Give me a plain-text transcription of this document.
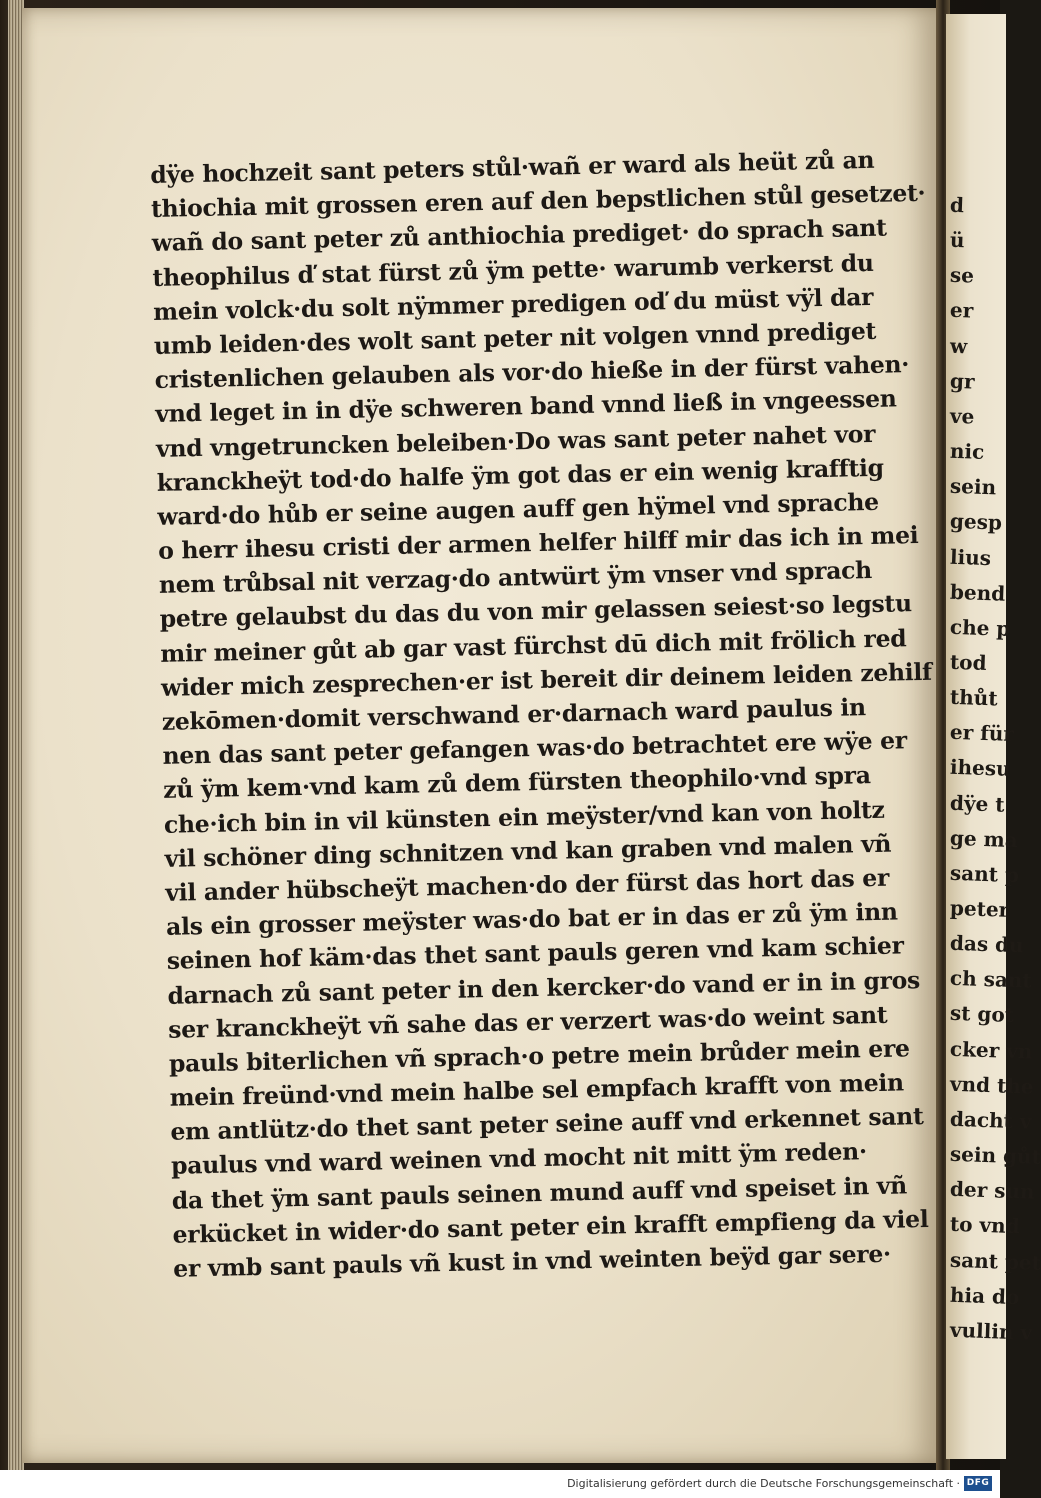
d
ü
se
er
w
gr
ve
nic
sein
gesp
lius
bend
che p
tod
thůt
er für
ihesu
dÿe t
ge ma
sant p
peter
das du
ch sant
st got
cker vn
vnd the
dacht v
sein gůt
der sun
to vnd
sant pet
hia do
vullin v
dÿe hochzeit sant peters stůl·wañ er ward als heüt zů an
thiochia mit grossen eren auf den bepstlichen stůl gesetzet·
wañ do sant peter zů anthiochia prediget· do sprach sant
theophilus ď stat fürst zů ÿm pette· warumb verkerst du
mein volck·du solt nÿmmer predigen oď du müst vÿl dar
umb leiden·des wolt sant peter nit volgen vnnd prediget
cristenlichen gelauben als vor·do hieße in der fürst vahen·
vnd leget in in dÿe schweren band vnnd ließ in vngeessen
vnd vngetruncken beleiben·Do was sant peter nahet vor
kranckheÿt tod·do halfe ÿm got das er ein wenig krafftig
ward·do hůb er seine augen auff gen hÿmel vnd sprache
o herr ihesu cristi der armen helfer hilff mir das ich in mei
nem trůbsal nit verzag·do antwürt ÿm vnser vnd sprach
petre gelaubst du das du von mir gelassen seiest·so legstu
mir meiner gůt ab gar vast fürchst dū dich mit frölich red
wider mich zesprechen·er ist bereit dir deinem leiden zehilf
zekōmen·domit verschwand er·darnach ward paulus in
nen das sant peter gefangen was·do betrachtet ere wÿe er
zů ÿm kem·vnd kam zů dem fürsten theophilo·vnd spra
che·ich bin in vil künsten ein meÿster/vnd kan von holtz
vil schöner ding schnitzen vnd kan graben vnd malen vñ
vil ander hübscheÿt machen·do der fürst das hort das er
als ein grosser meÿster was·do bat er in das er zů ÿm inn
seinen hof käm·das thet sant pauls geren vnd kam schier
darnach zů sant peter in den kercker·do vand er in in gros
ser kranckheÿt vñ sahe das er verzert was·do weint sant
pauls biterlichen vñ sprach·o petre mein brůder mein ere
mein freünd·vnd mein halbe sel empfach krafft von mein
em antlütz·do thet sant peter seine auff vnd erkennet sant
paulus vnd ward weinen vnd mocht nit mitt ÿm reden·
da thet ÿm sant pauls seinen mund auff vnd speiset in vñ
erkücket in wider·do sant peter ein krafft empfieng da viel
er vmb sant pauls vñ kust in vnd weinten beÿd gar sere·
Digitalisierung gefördert durch die Deutsche Forschungsgemeinschaft · DFG
